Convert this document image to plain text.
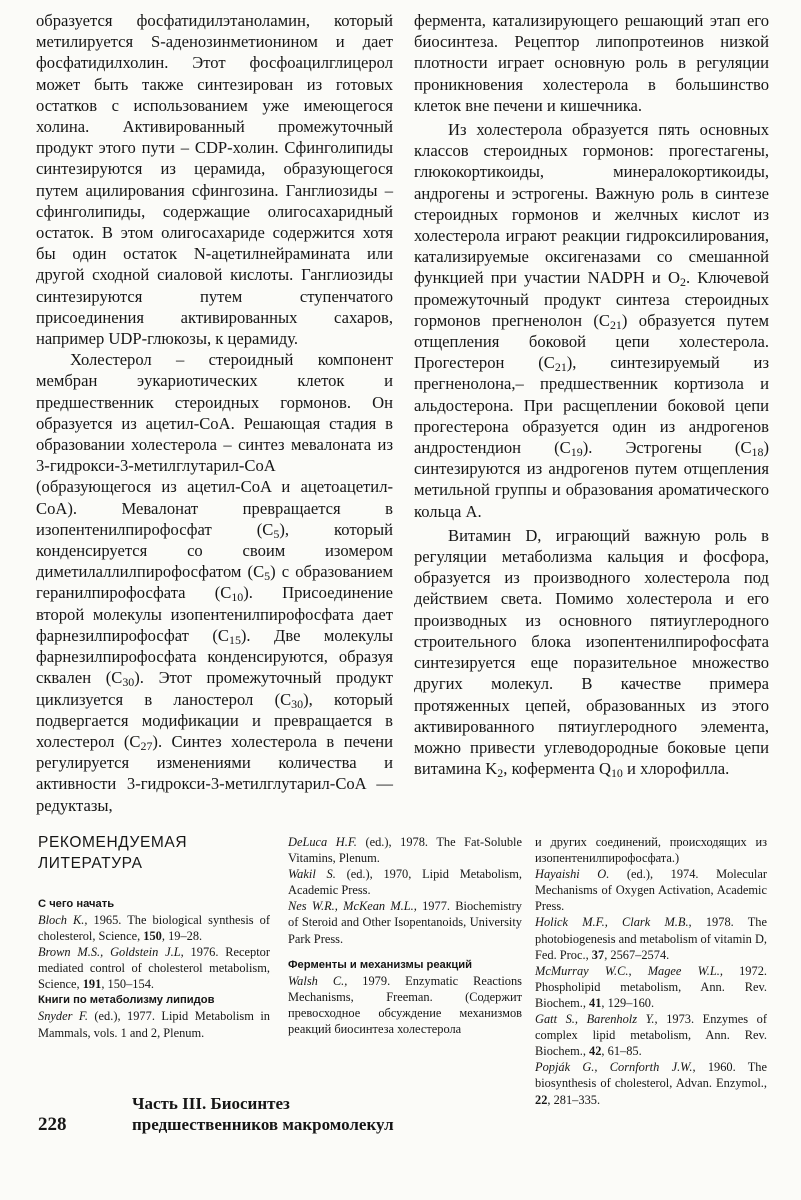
образуется фосфатидилэтаноламин, который метилируется S-аденозинметионином и дает фосфатидилхолин. Этот фосфоацилглицерол может быть также синтезирован из готовых остатков с использованием уже имеющегося холина. Активированный промежуточный продукт этого пути – CDP-холин. Сфинголипиды синтезируются из церамида, образующегося путем ацилирования сфингозина. Ганглиозиды – сфинголипиды, содержащие олигосахаридный остаток. В этом олигосахариде содержится хотя бы один остаток N-ацетилнейрамината или другой сходной сиаловой кислоты. Ганглиозиды синтезируются путем ступенчатого присоединения активированных сахаров, например UDP-глюкозы, к церамиду.

Холестерол – стероидный компонент мембран эукариотических клеток и предшественник стероидных гормонов. Он образуется из ацетил-CoA. Решающая стадия в образовании холестерола – синтез мевалоната из 3-гидрокси-3-метилглутарил-CoA (образующегося из ацетил-CoA и ацетоацетил-CoA). Мевалонат превращается в изопентенилпирофосфат $(C_5)$, который конденсируется со своим изомером диметилаллилпирофосфатом $(C_5)$ с образованием геранилпирофосфата $(C_{10})$. Присоединение второй молекулы изопентенилпирофосфата дает фарнезилпирофосфат $(C_{15})$. Две молекулы фарнезилпирофосфата конденсируются, образуя сквален $(C_{30})$. Этот промежуточный продукт циклизуется в ланостерол $(C_{30})$, который подвергается модификации и превращается в холестерол $(C_{27})$. Синтез холестерола в печени регулируется изменениями количества и активности 3-гидрокси-3-метилглутарил-CoA — редуктазы,

фермента, катализирующего решающий этап его биосинтеза. Рецептор липопротеинов низкой плотности играет основную роль в регуляции проникновения холестерола в большинство клеток вне печени и кишечника.

Из холестерола образуется пять основных классов стероидных гормонов: прогестагены, глюкокортикоиды, минералокортикоиды, андрогены и эстрогены. Важную роль в синтезе стероидных гормонов и желчных кислот из холестерола играют реакции гидроксилирования, катализируемые оксигеназами со смешанной функцией при участии NADPH и $O_2$. Ключевой промежуточный продукт синтеза стероидных гормонов прегненолон $(C_{21})$ образуется путем отщепления боковой цепи холестерола. Прогестерон $(C_{21})$, синтезируемый из прегненолона,– предшественник кортизола и альдостерона. При расщеплении боковой цепи прогестерона образуется один из андрогенов андростендион $(C_{19})$. Эстрогены $(C_{18})$ синтезируются из андрогенов путем отщепления метильной группы и образования ароматического кольца A.

Витамин D, играющий важную роль в регуляции метаболизма кальция и фосфора, образуется из производного холестерола под действием света. Помимо холестерола и его производных из основного пятиуглеродного строительного блока изопентенилпирофосфата синтезируется еще поразительное множество других молекул. В качестве примера протяженных цепей, образованных из этого активированного пятиуглеродного элемента, можно привести углеводородные боковые цепи витамина $K_2$, кофермента $Q_{10}$ и хлорофилла.

РЕКОМЕНДУЕМАЯ
ЛИТЕРАТУРА
С чего начать

Bloch K., 1965. The biological synthesis of cholesterol, Science, 150, 19–28.

Brown M.S., Goldstein J.L, 1976. Receptor mediated control of cholesterol metabolism, Science, 191, 150–154.

Книги по метаболизму липидов

Snyder F. (ed.), 1977. Lipid Metabolism in Mammals, vols. 1 and 2, Plenum.

DeLuca H.F. (ed.), 1978. The Fat-Soluble Vitamins, Plenum.

Wakil S. (ed.), 1970, Lipid Metabolism, Academic Press.

Nes W.R., McKean M.L., 1977. Biochemistry of Steroid and Other Isopentanoids, University Park Press.

Ферменты и механизмы реакций

Walsh C., 1979. Enzymatic Reactions Mechanisms, Freeman. (Содержит превосходное обсуждение механизмов реакций биосинтеза холестерола

и других соединений, происходящих из изопентенилпирофосфата.)

Hayaishi O. (ed.), 1974. Molecular Mechanisms of Oxygen Activation, Academic Press.

Holick M.F., Clark M.B., 1978. The photobiogenesis and metabolism of vitamin D, Fed. Proc., 37, 2567–2574.

McMurray W.C., Magee W.L., 1972. Phospholipid metabolism, Ann. Rev. Biochem., 41, 129–160.

Gatt S., Barenholz Y., 1973. Enzymes of complex lipid metabolism, Ann. Rev. Biochem., 42, 61–85.

Popják G., Cornforth J.W., 1960. The biosynthesis of cholesterol, Advan. Enzymol., 22, 281–335.

228
Часть III. Биосинтез
предшественников макромолекул
